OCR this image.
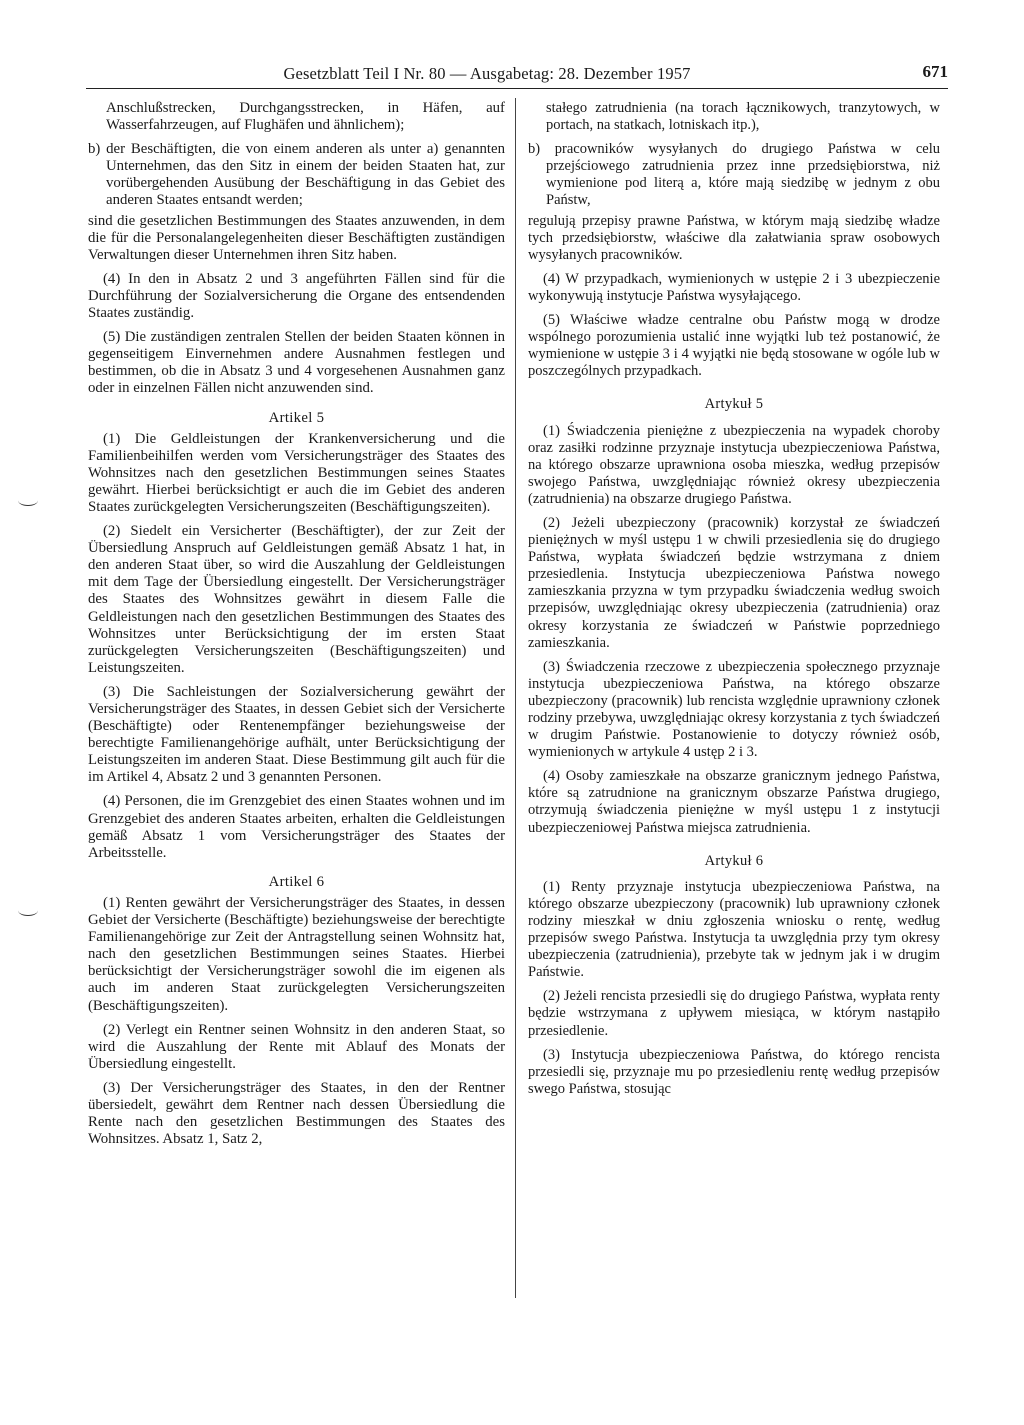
Gesetzblatt Teil I Nr. 80 — Ausgabetag: 28. Dezember 1957	671

Anschlußstrecken, Durchgangsstrecken, in Häfen, auf Wasserfahrzeugen, auf Flughäfen und ähnlichem);

b) der Beschäftigten, die von einem anderen als unter a) genannten Unternehmen, das den Sitz in einem der beiden Staaten hat, zur vorübergehenden Ausübung der Beschäftigung in das Gebiet des anderen Staates entsandt werden;

sind die gesetzlichen Bestimmungen des Staates anzuwenden, in dem die für die Personalangelegenheiten dieser Beschäftigten zuständigen Verwaltungen dieser Unternehmen ihren Sitz haben.

(4) In den in Absatz 2 und 3 angeführten Fällen sind für die Durchführung der Sozialversicherung die Organe des entsendenden Staates zuständig.

(5) Die zuständigen zentralen Stellen der beiden Staaten können in gegenseitigem Einvernehmen andere Ausnahmen festlegen und bestimmen, ob die in Absatz 3 und 4 vorgesehenen Ausnahmen ganz oder in einzelnen Fällen nicht anzuwenden sind.

Artikel 5

(1) Die Geldleistungen der Krankenversicherung und die Familienbeihilfen werden vom Versicherungsträger des Staates des Wohnsitzes nach den gesetzlichen Bestimmungen seines Staates gewährt. Hierbei berücksichtigt er auch die im Gebiet des anderen Staates zurückgelegten Versicherungszeiten (Beschäftigungszeiten).

(2) Siedelt ein Versicherter (Beschäftigter), der zur Zeit der Übersiedlung Anspruch auf Geldleistungen gemäß Absatz 1 hat, in den anderen Staat über, so wird die Auszahlung der Geldleistungen mit dem Tage der Übersiedlung eingestellt. Der Versicherungsträger des Staates des Wohnsitzes gewährt in diesem Falle die Geldleistungen nach den gesetzlichen Bestimmungen des Staates des Wohnsitzes unter Berücksichtigung der im ersten Staat zurückgelegten Versicherungszeiten (Beschäftigungszeiten) und Leistungszeiten.

(3) Die Sachleistungen der Sozialversicherung gewährt der Versicherungsträger des Staates, in dessen Gebiet sich der Versicherte (Beschäftigte) oder Rentenempfänger beziehungsweise der berechtigte Familienangehörige aufhält, unter Berücksichtigung der Leistungszeiten im anderen Staat. Diese Bestimmung gilt auch für die im Artikel 4, Absatz 2 und 3 genannten Personen.

(4) Personen, die im Grenzgebiet des einen Staates wohnen und im Grenzgebiet des anderen Staates arbeiten, erhalten die Geldleistungen gemäß Absatz 1 vom Versicherungsträger des Staates der Arbeitsstelle.

Artikel 6

(1) Renten gewährt der Versicherungsträger des Staates, in dessen Gebiet der Versicherte (Beschäftigte) beziehungsweise der berechtigte Familienangehörige zur Zeit der Antragstellung seinen Wohnsitz hat, nach den gesetzlichen Bestimmungen seines Staates. Hierbei berücksichtigt der Versicherungsträger sowohl die im eigenen als auch im anderen Staat zurückgelegten Versicherungszeiten (Beschäftigungszeiten).

(2) Verlegt ein Rentner seinen Wohnsitz in den anderen Staat, so wird die Auszahlung der Rente mit Ablauf des Monats der Übersiedlung eingestellt.

(3) Der Versicherungsträger des Staates, in den der Rentner übersiedelt, gewährt dem Rentner nach dessen Übersiedlung die Rente nach den gesetzlichen Bestimmungen des Staates des Wohnsitzes. Absatz 1, Satz 2,

stałego zatrudnienia (na torach łącznikowych, tranzytowych, w portach, na statkach, lotniskach itp.),

b) pracowników wysyłanych do drugiego Państwa w celu przejściowego zatrudnienia przez inne przedsiębiorstwa, niż wymienione pod literą a, które mają siedzibę w jednym z obu Państw,

regulują przepisy prawne Państwa, w którym mają siedzibę władze tych przedsiębiorstw, właściwe dla załatwiania spraw osobowych wysyłanych pracowników.

(4) W przypadkach, wymienionych w ustępie 2 i 3 ubezpieczenie wykonywują instytucje Państwa wysyłającego.

(5) Właściwe władze centralne obu Państw mogą w drodze wspólnego porozumienia ustalić inne wyjątki lub też postanowić, że wymienione w ustępie 3 i 4 wyjątki nie będą stosowane w ogóle lub w poszczególnych przypadkach.

Artykuł 5

(1) Świadczenia pieniężne z ubezpieczenia na wypadek choroby oraz zasiłki rodzinne przyznaje instytucja ubezpieczeniowa Państwa, na którego obszarze uprawniona osoba mieszka, według przepisów swojego Państwa, uwzględniając również okresy ubezpieczenia (zatrudnienia) na obszarze drugiego Państwa.

(2) Jeżeli ubezpieczony (pracownik) korzystał ze świadczeń pieniężnych w myśl ustępu 1 w chwili przesiedlenia się do drugiego Państwa, wypłata świadczeń będzie wstrzymana z dniem przesiedlenia. Instytucja ubezpieczeniowa Państwa nowego zamieszkania przyzna w tym przypadku świadczenia według swoich przepisów, uwzględniając okresy ubezpieczenia (zatrudnienia) oraz okresy korzystania ze świadczeń w Państwie poprzedniego zamieszkania.

(3) Świadczenia rzeczowe z ubezpieczenia społecznego przyznaje instytucja ubezpieczeniowa Państwa, na którego obszarze ubezpieczony (pracownik) lub rencista względnie uprawniony członek rodziny przebywa, uwzględniając okresy korzystania z tych świadczeń w drugim Państwie. Postanowienie to dotyczy również osób, wymienionych w artykule 4 ustęp 2 i 3.

(4) Osoby zamieszkałe na obszarze granicznym jednego Państwa, które są zatrudnione na granicznym obszarze Państwa drugiego, otrzymują świadczenia pieniężne w myśl ustępu 1 z instytucji ubezpieczeniowej Państwa miejsca zatrudnienia.

Artykuł 6

(1) Renty przyznaje instytucja ubezpieczeniowa Państwa, na którego obszarze ubezpieczony (pracownik) lub uprawniony członek rodziny mieszkał w dniu zgłoszenia wniosku o rentę, według przepisów swego Państwa. Instytucja ta uwzględnia przy tym okresy ubezpieczenia (zatrudnienia), przebyte tak w jednym jak i w drugim Państwie.

(2) Jeżeli rencista przesiedli się do drugiego Państwa, wypłata renty będzie wstrzymana z upływem miesiąca, w którym nastąpiło przesiedlenie.

(3) Instytucja ubezpieczeniowa Państwa, do którego rencista przesiedli się, przyznaje mu po przesiedleniu rentę według przepisów swego Państwa, stosując
